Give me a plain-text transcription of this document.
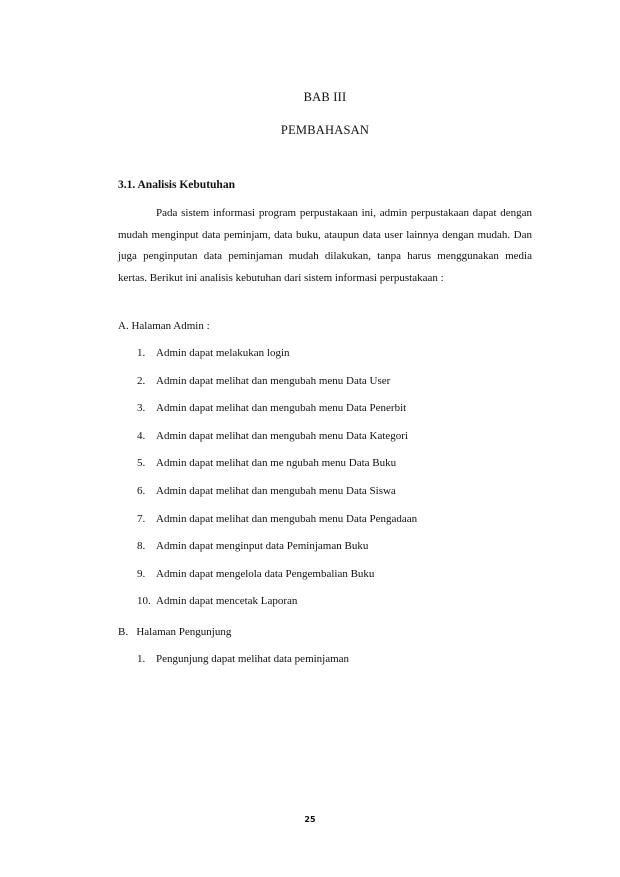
BAB III
PEMBAHASAN
3.1. Analisis Kebutuhan

Pada sistem informasi program perpustakaan ini, admin perpustakaan dapat dengan mudah menginput data peminjam, data buku, ataupun data user lainnya dengan mudah. Dan juga penginputan data peminjaman mudah dilakukan, tanpa harus menggunakan media kertas. Berikut ini analisis kebutuhan dari sistem informasi perpustakaan :

A. Halaman Admin :
1. Admin dapat melakukan login
2. Admin dapat melihat dan mengubah menu Data User
3. Admin dapat melihat dan mengubah menu Data Penerbit
4. Admin dapat melihat dan mengubah menu Data Kategori
5. Admin dapat melihat dan me ngubah menu Data Buku
6. Admin dapat melihat dan mengubah menu Data Siswa
7. Admin dapat melihat dan mengubah menu Data Pengadaan
8. Admin dapat menginput data Peminjaman Buku
9. Admin dapat mengelola data Pengembalian Buku
10. Admin dapat mencetak Laporan
B.   Halaman Pengunjung
1. Pengunjung dapat melihat data peminjaman
25
